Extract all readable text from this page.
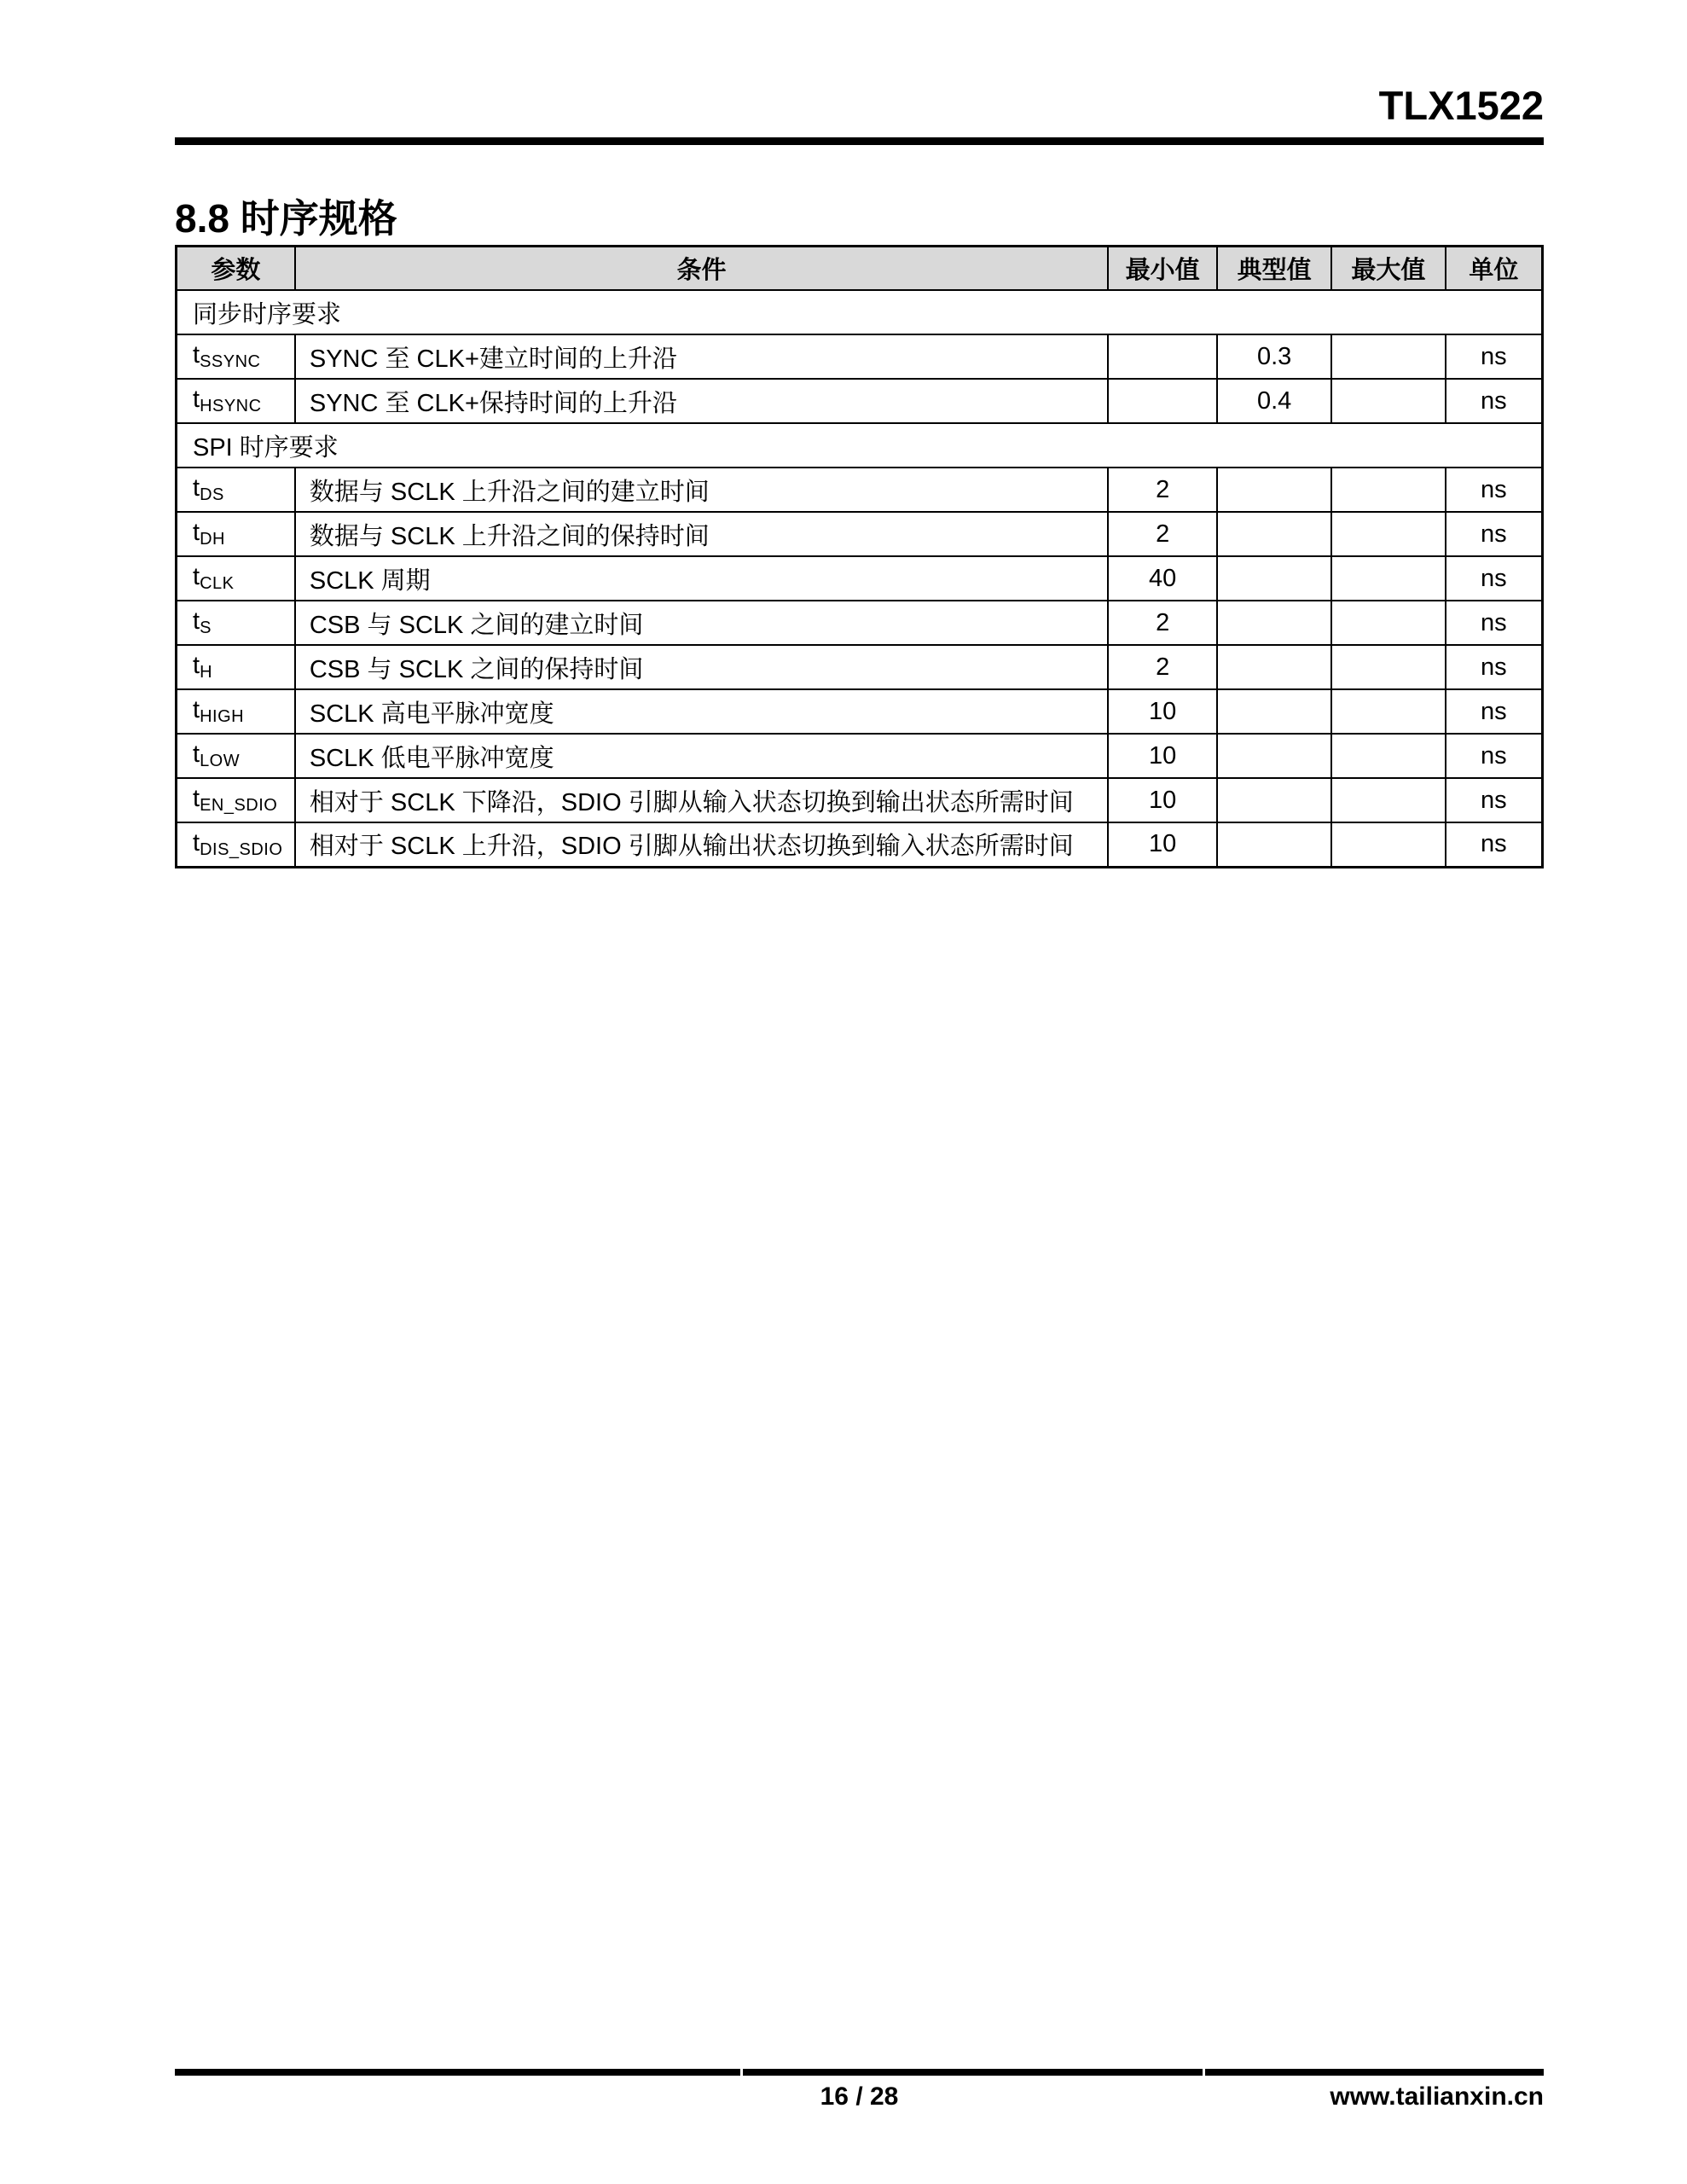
TLX1522
8.8 时序规格
参数	条件	最小值	典型值	最大值	单位
同步时序要求					
$t_{SSYNC}$	SYNC 至 CLK+建立时间的上升沿		0.3		ns
$t_{HSYNC}$	SYNC 至 CLK+保持时间的上升沿		0.4		ns
SPI 时序要求					
$t_{DS}$	数据与 SCLK 上升沿之间的建立时间	2			ns
$t_{DH}$	数据与 SCLK 上升沿之间的保持时间	2			ns
$t_{CLK}$	SCLK 周期	40			ns
$t_S$	CSB 与 SCLK 之间的建立时间	2			ns
$t_H$	CSB 与 SCLK 之间的保持时间	2			ns
$t_{HIGH}$	SCLK 高电平脉冲宽度	10			ns
$t_{LOW}$	SCLK 低电平脉冲宽度	10			ns
$t_{EN\_SDIO}$	相对于 SCLK 下降沿，SDIO 引脚从输入状态切换到输出状态所需时间	10			ns
$t_{DIS\_SDIO}$	相对于 SCLK 上升沿，SDIO 引脚从输出状态切换到输入状态所需时间	10			ns
16 / 28	www.tailianxin.cn
